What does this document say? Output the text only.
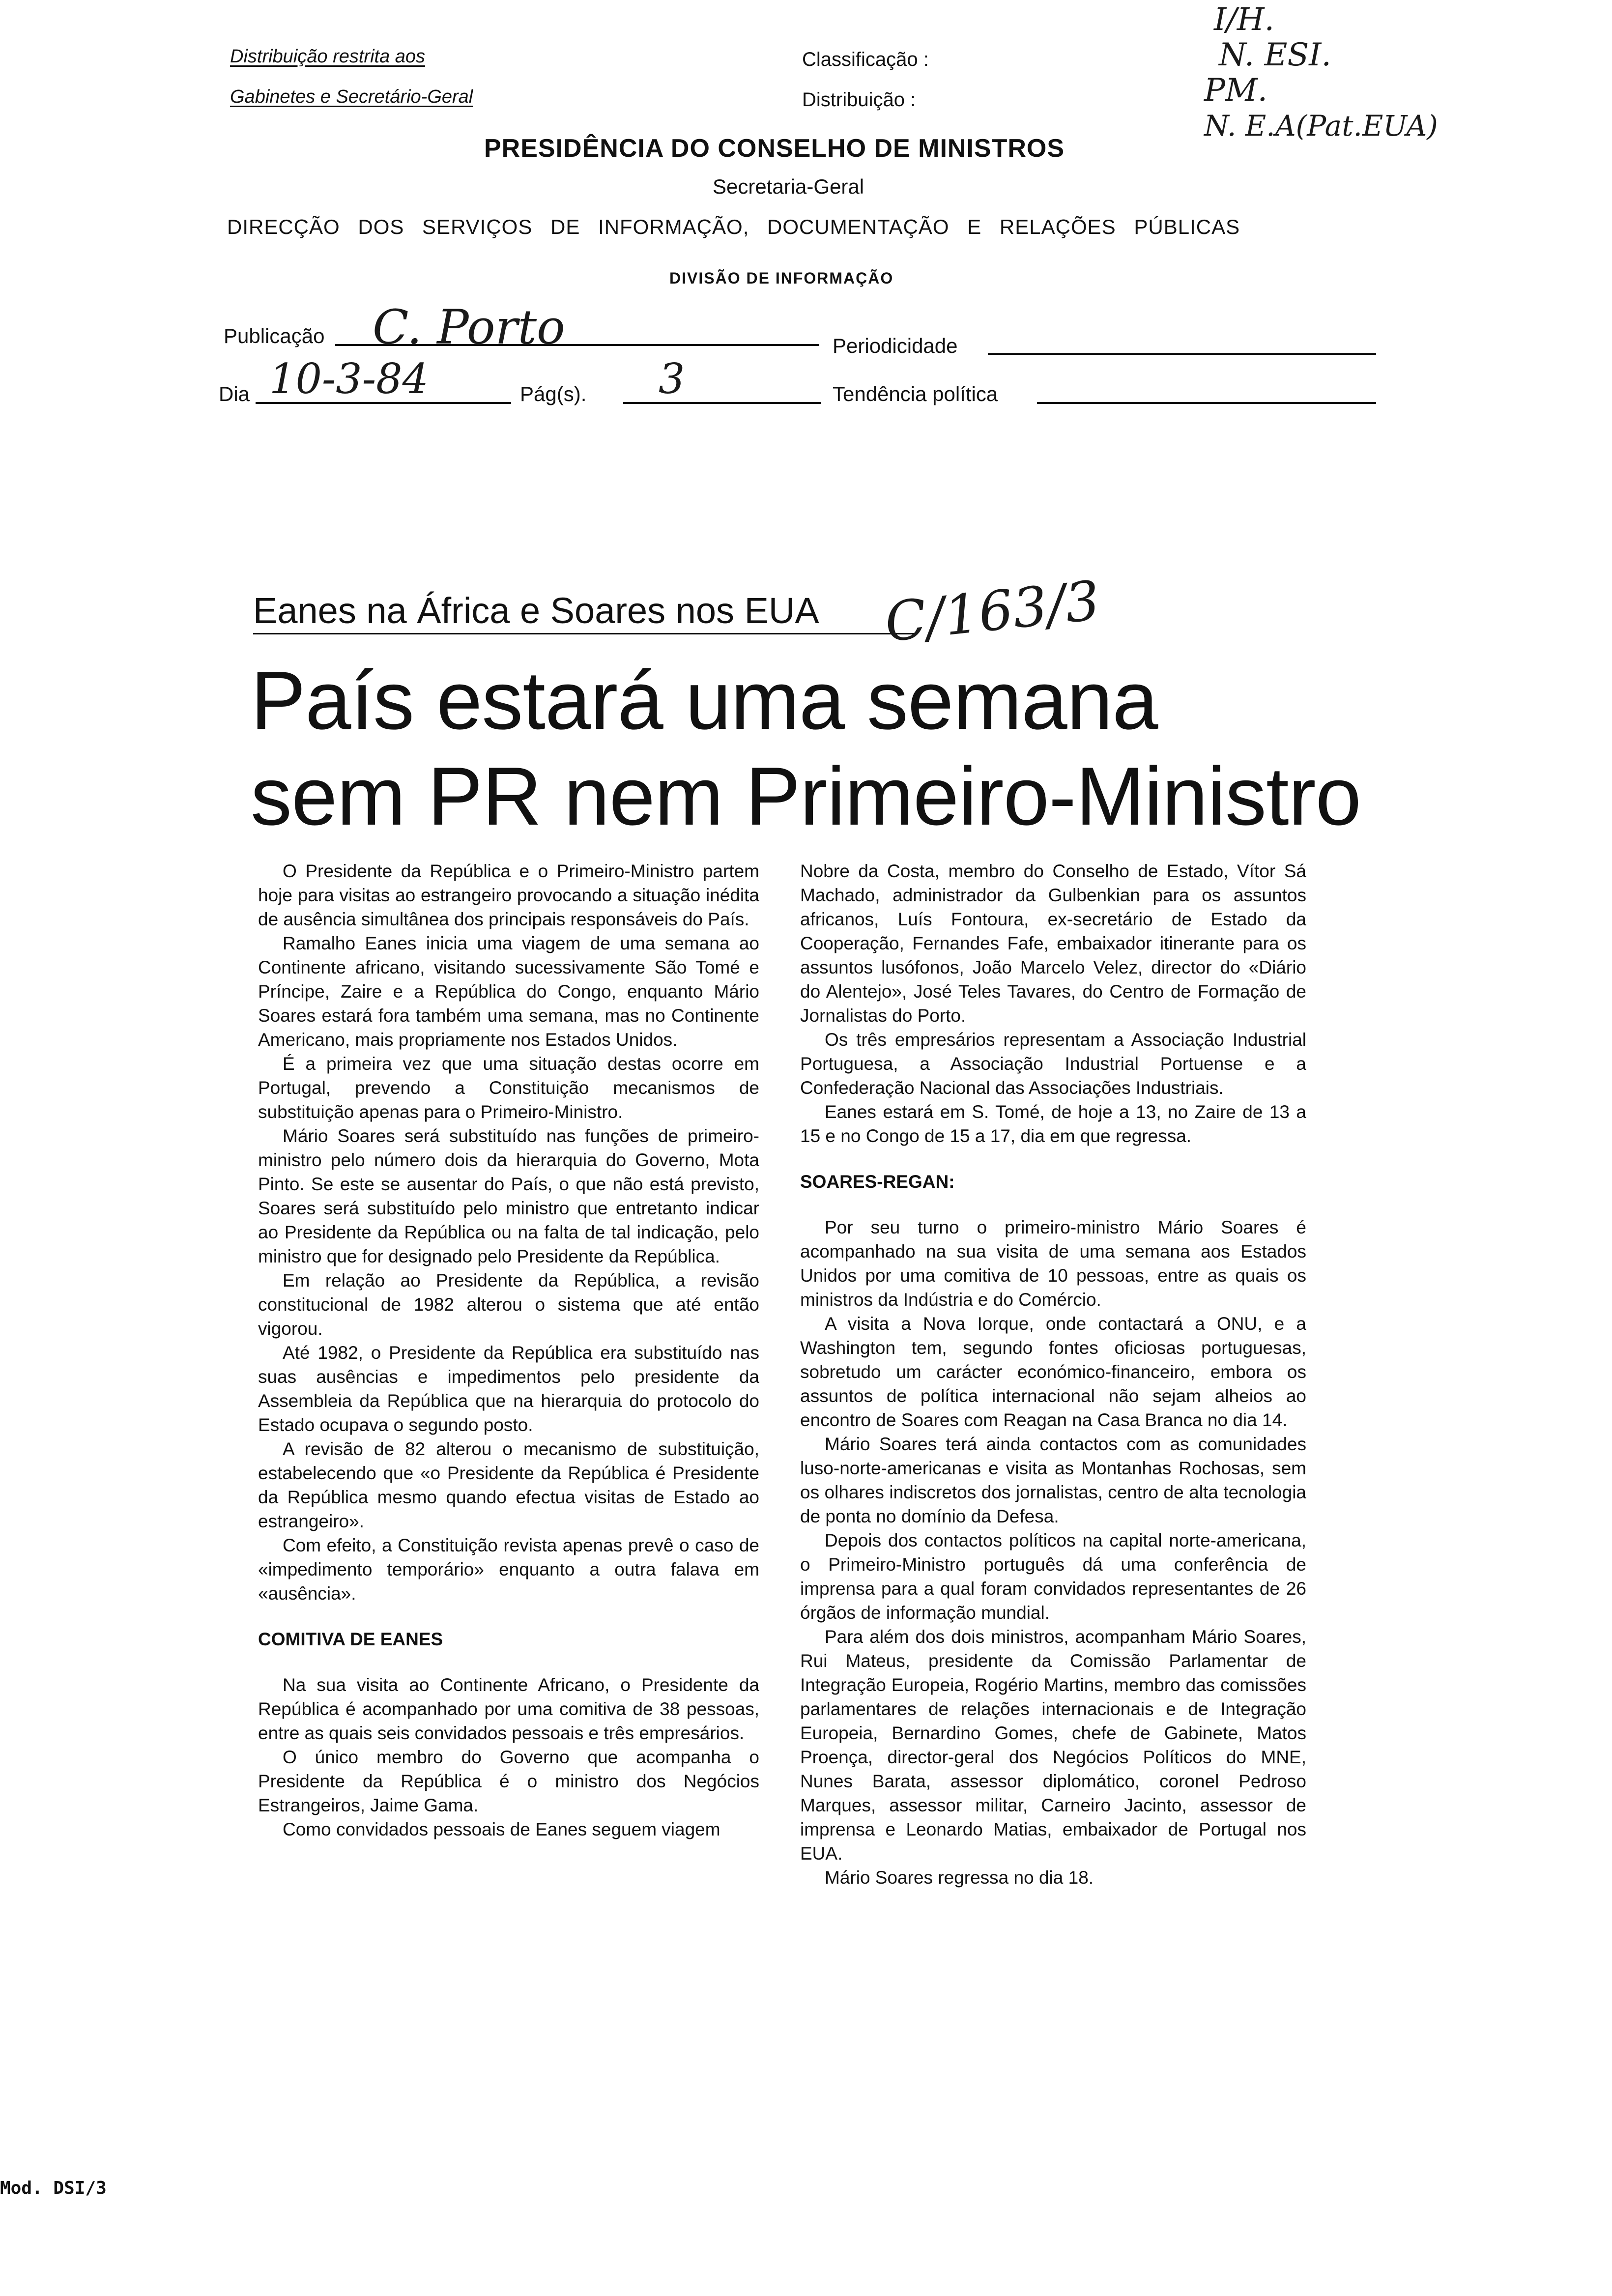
Distribuição restrita aos
Gabinetes e Secretário-Geral
Classificação :
Distribuição :
PRESIDÊNCIA DO CONSELHO DE MINISTROS
Secretaria-Geral
DIRECÇÃO DOS SERVIÇOS DE INFORMAÇÃO, DOCUMENTAÇÃO E RELAÇÕES PÚBLICAS
DIVISÃO DE INFORMAÇÃO
Publicação C. Porto	Periodicidade
Dia 10-3-84	Pág(s). 3	Tendência política
I/H.
N. ESI.
PM.
N. E.A(Pat.EUA)
Eanes na África e Soares nos EUA C/163/3
País estará uma semana
sem PR nem Primeiro-Ministro

O Presidente da República e o Primeiro-Ministro partem hoje para visitas ao estrangeiro provocando a situação inédita de ausência simultânea dos principais responsáveis do País.

Ramalho Eanes inicia uma viagem de uma semana ao Continente africano, visitando sucessivamente São Tomé e Príncipe, Zaire e a República do Congo, enquanto Mário Soares estará fora também uma semana, mas no Continente Americano, mais propriamente nos Estados Unidos.

É a primeira vez que uma situação destas ocorre em Portugal, prevendo a Constituição mecanismos de substituição apenas para o Primeiro-Ministro.

Mário Soares será substituído nas funções de primeiro-ministro pelo número dois da hierarquia do Governo, Mota Pinto. Se este se ausentar do País, o que não está previsto, Soares será substituído pelo ministro que entretanto indicar ao Presidente da República ou na falta de tal indicação, pelo ministro que for designado pelo Presidente da República.

Em relação ao Presidente da República, a revisão constitucional de 1982 alterou o sistema que até então vigorou.

Até 1982, o Presidente da República era substituído nas suas ausências e impedimentos pelo presidente da Assembleia da República que na hierarquia do protocolo do Estado ocupava o segundo posto.

A revisão de 82 alterou o mecanismo de substituição, estabelecendo que «o Presidente da República é Presidente da República mesmo quando efectua visitas de Estado ao estrangeiro».

Com efeito, a Constituição revista apenas prevê o caso de «impedimento temporário» enquanto a outra falava em «ausência».

COMITIVA DE EANES

Na sua visita ao Continente Africano, o Presidente da República é acompanhado por uma comitiva de 38 pessoas, entre as quais seis convidados pessoais e três empresários.

O único membro do Governo que acompanha o Presidente da República é o ministro dos Negócios Estrangeiros, Jaime Gama.

Como convidados pessoais de Eanes seguem viagem

Nobre da Costa, membro do Conselho de Estado, Vítor Sá Machado, administrador da Gulbenkian para os assuntos africanos, Luís Fontoura, ex-secretário de Estado da Cooperação, Fernandes Fafe, embaixador itinerante para os assuntos lusófonos, João Marcelo Velez, director do «Diário do Alentejo», José Teles Tavares, do Centro de Formação de Jornalistas do Porto.

Os três empresários representam a Associação Industrial Portuguesa, a Associação Industrial Portuense e a Confederação Nacional das Associações Industriais.

Eanes estará em S. Tomé, de hoje a 13, no Zaire de 13 a 15 e no Congo de 15 a 17, dia em que regressa.

SOARES-REGAN:

Por seu turno o primeiro-ministro Mário Soares é acompanhado na sua visita de uma semana aos Estados Unidos por uma comitiva de 10 pessoas, entre as quais os ministros da Indústria e do Comércio.

A visita a Nova Iorque, onde contactará a ONU, e a Washington tem, segundo fontes oficiosas portuguesas, sobretudo um carácter económico-financeiro, embora os assuntos de política internacional não sejam alheios ao encontro de Soares com Reagan na Casa Branca no dia 14.

Mário Soares terá ainda contactos com as comunidades luso-norte-americanas e visita as Montanhas Rochosas, sem os olhares indiscretos dos jornalistas, centro de alta tecnologia de ponta no domínio da Defesa.

Depois dos contactos políticos na capital norte-americana, o Primeiro-Ministro português dá uma conferência de imprensa para a qual foram convidados representantes de 26 órgãos de informação mundial.

Para além dos dois ministros, acompanham Mário Soares, Rui Mateus, presidente da Comissão Parlamentar de Integração Europeia, Rogério Martins, membro das comissões parlamentares de relações internacionais e de Integração Europeia, Bernardino Gomes, chefe de Gabinete, Matos Proença, director-geral dos Negócios Políticos do MNE, Nunes Barata, assessor diplomático, coronel Pedroso Marques, assessor militar, Carneiro Jacinto, assessor de imprensa e Leonardo Matias, embaixador de Portugal nos EUA.

Mário Soares regressa no dia 18.

Mod. DSI/3
